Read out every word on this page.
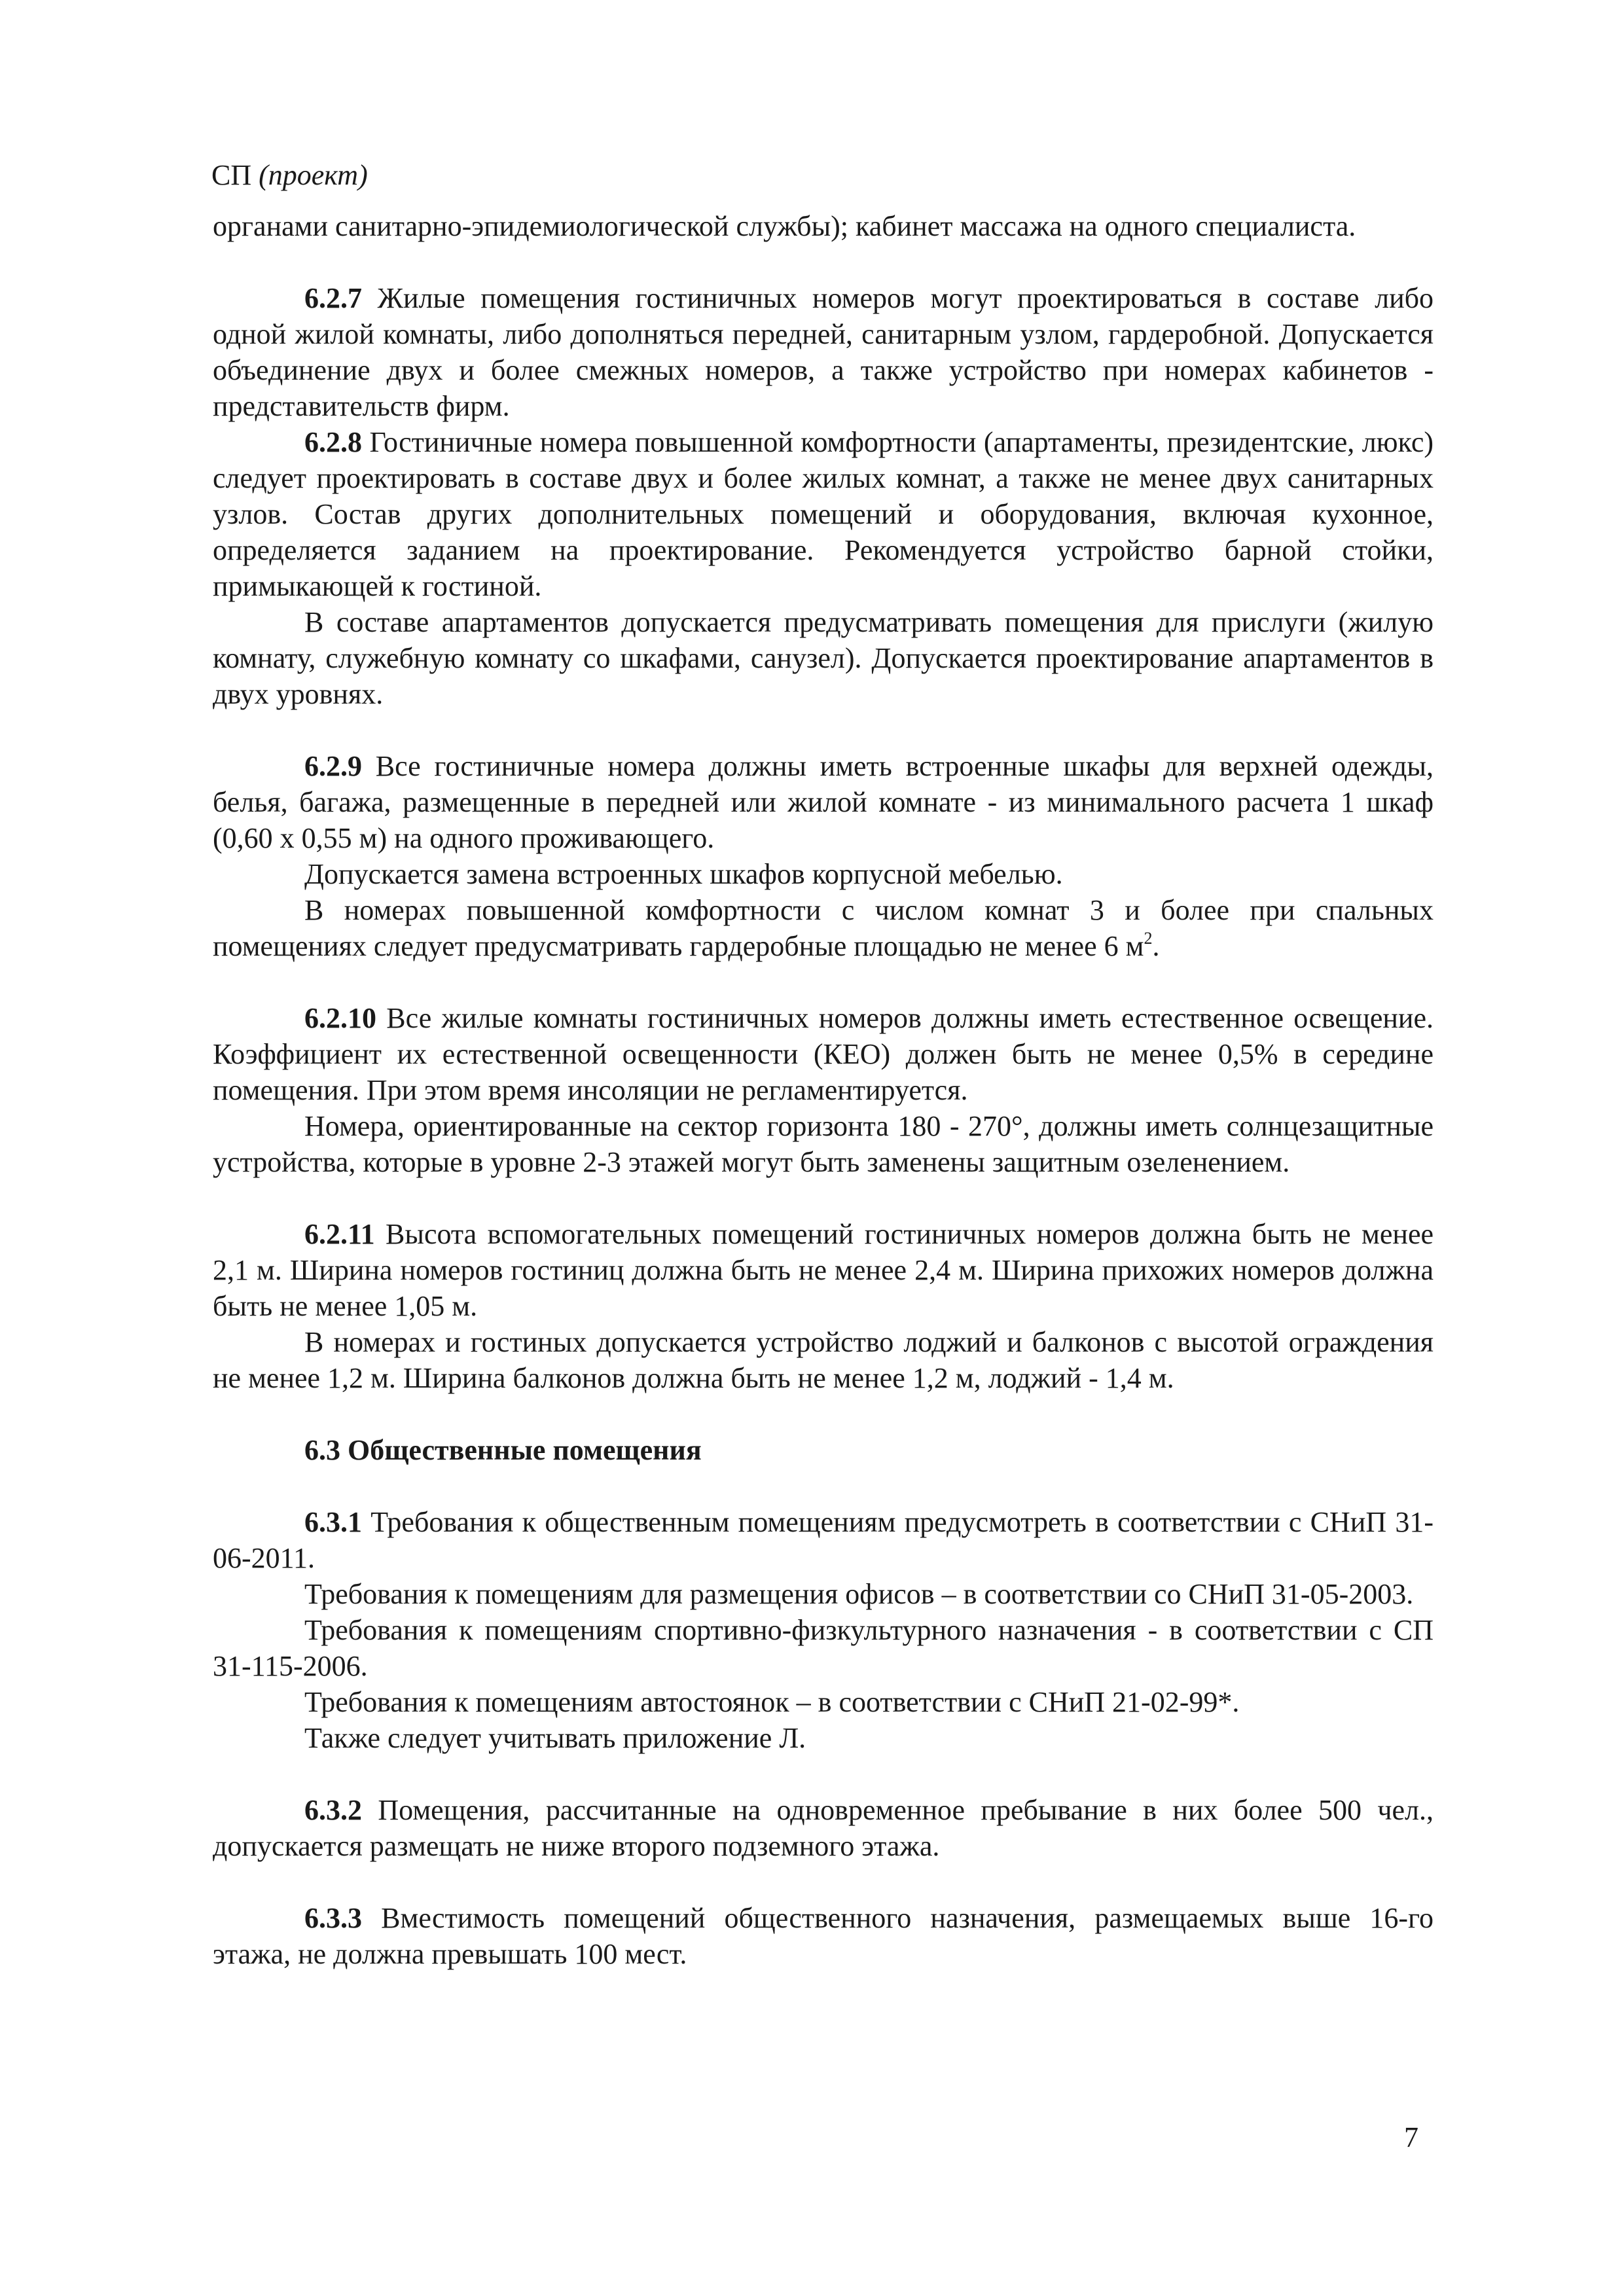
СП (проект)

органами санитарно-эпидемиологической службы); кабинет массажа на одного специалиста.

6.2.7 Жилые помещения гостиничных номеров могут проектироваться в составе либо одной жилой комнаты, либо дополняться передней, санитарным узлом, гардеробной. Допускается объединение двух и более смежных номеров, а также устройство при номерах кабинетов - представительств фирм.

6.2.8 Гостиничные номера повышенной комфортности (апартаменты, президентские, люкс) следует проектировать в составе двух и более жилых комнат, а также не менее двух санитарных узлов. Состав других дополнительных помещений и оборудования, включая кухонное, определяется заданием на проектирование. Рекомендуется устройство барной стойки, примыкающей к гостиной.

В составе апартаментов допускается предусматривать помещения для прислуги (жилую комнату, служебную комнату со шкафами, санузел). Допускается проектирование апартаментов в двух уровнях.

6.2.9 Все гостиничные номера должны иметь встроенные шкафы для верхней одежды, белья, багажа, размещенные в передней или жилой комнате - из минимального расчета 1 шкаф (0,60 х 0,55 м) на одного проживающего.

Допускается замена встроенных шкафов корпусной мебелью.

В номерах повышенной комфортности с числом комнат 3 и более при спальных помещениях следует предусматривать гардеробные площадью не менее 6 $м^2$.

6.2.10 Все жилые комнаты гостиничных номеров должны иметь естественное освещение. Коэффициент их естественной освещенности (КЕО) должен быть не менее 0,5% в середине помещения. При этом время инсоляции не регламентируется.

Номера, ориентированные на сектор горизонта 180 - 270°, должны иметь солнцезащитные устройства, которые в уровне 2-3 этажей могут быть заменены защитным озеленением.

6.2.11 Высота вспомогательных помещений гостиничных номеров должна быть не менее 2,1 м. Ширина номеров гостиниц должна быть не менее 2,4 м. Ширина прихожих номеров должна быть не менее 1,05 м.

В номерах и гостиных допускается устройство лоджий и балконов с высотой ограждения не менее 1,2 м. Ширина балконов должна быть не менее 1,2 м, лоджий - 1,4 м.

6.3 Общественные помещения

6.3.1 Требования к общественным помещениям предусмотреть в соответствии с СНиП 31-06-2011.

Требования к помещениям для размещения офисов – в соответствии со СНиП 31-05-2003.

Требования к помещениям спортивно-физкультурного назначения - в соответствии с СП 31-115-2006.

Требования к помещениям автостоянок – в соответствии с СНиП 21-02-99*.

Также следует учитывать приложение Л.

6.3.2 Помещения, рассчитанные на одновременное пребывание в них более 500 чел., допускается размещать не ниже второго подземного этажа.

6.3.3 Вместимость помещений общественного назначения, размещаемых выше 16-го этажа, не должна превышать 100 мест.

7
